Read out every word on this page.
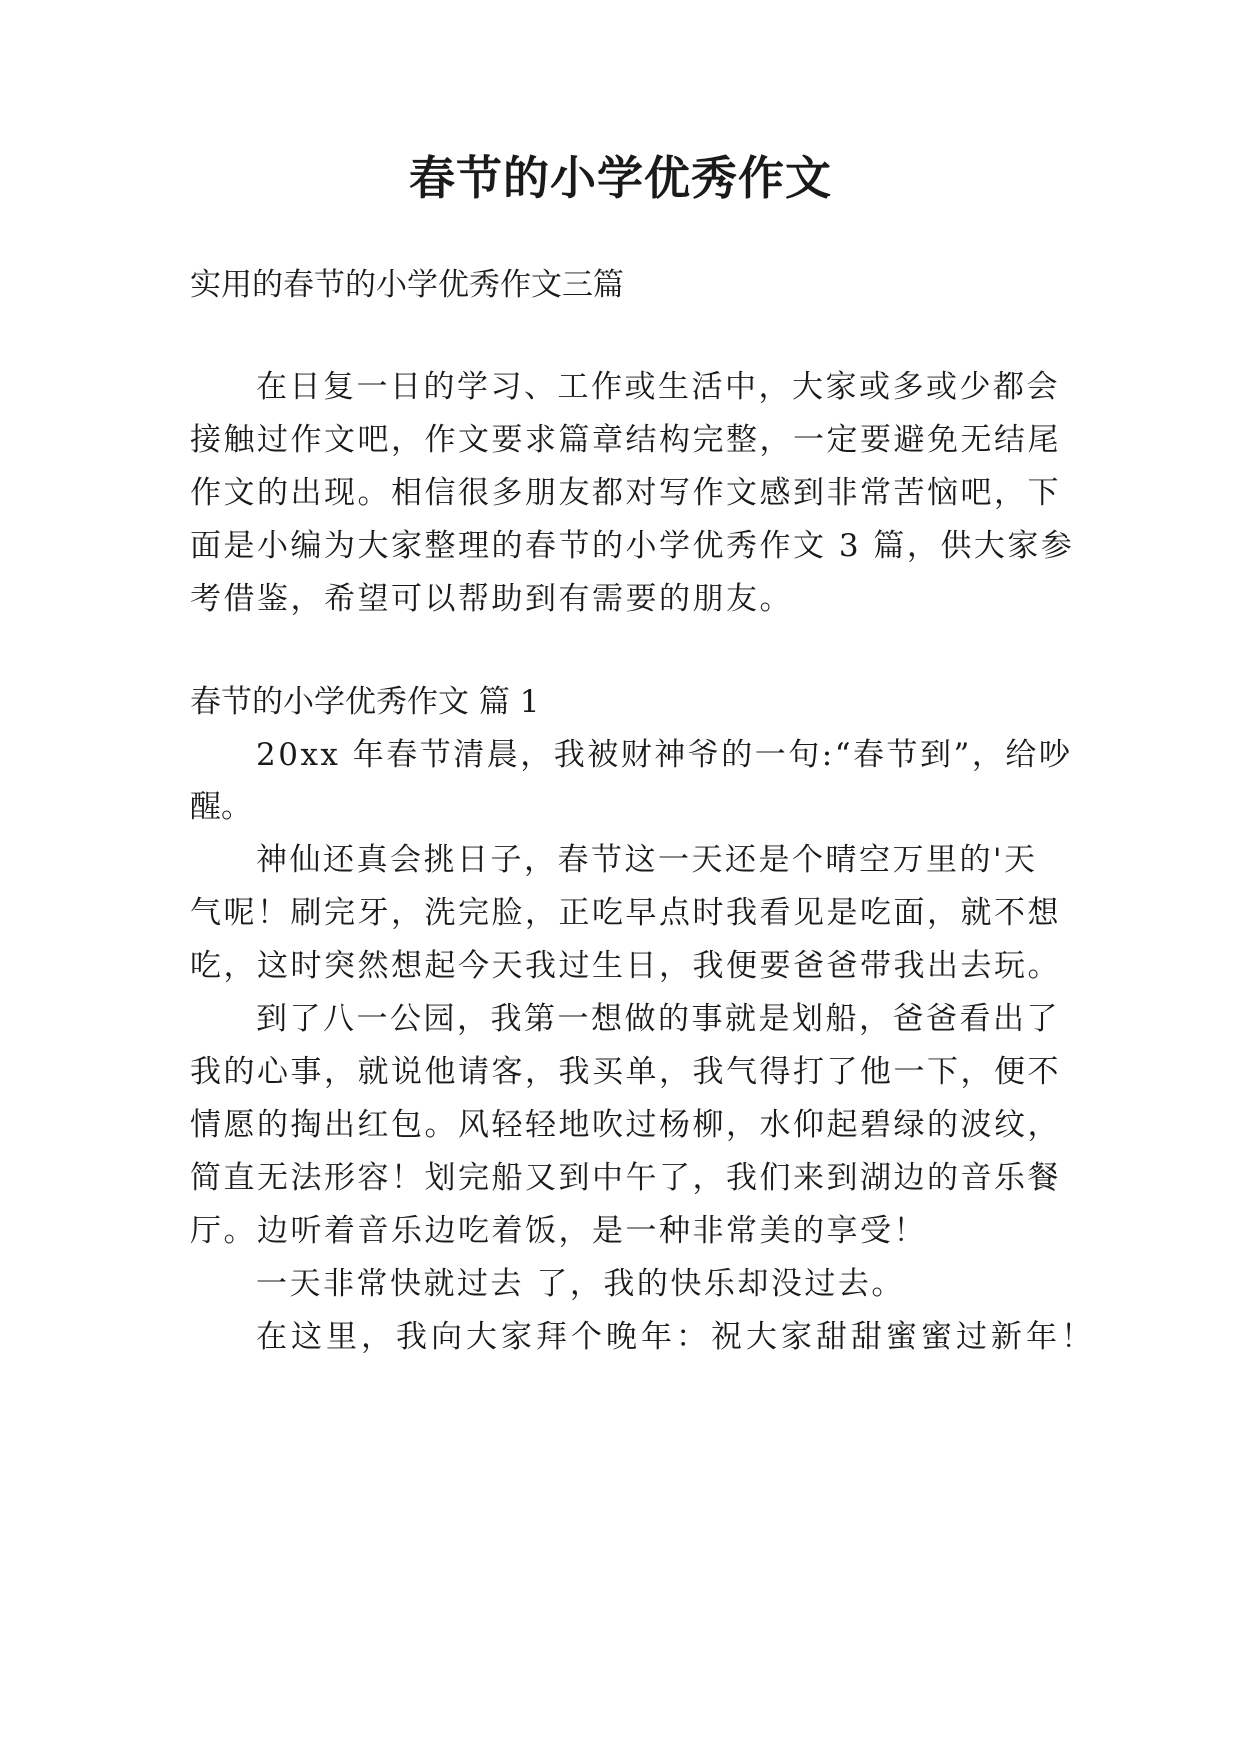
春节的小学优秀作文

实用的春节的小学优秀作文三篇

在日复一日的学习、工作或生活中，大家或多或少都会

接触过作文吧，作文要求篇章结构完整，一定要避免无结尾

作文的出现。相信很多朋友都对写作文感到非常苦恼吧，下

面是小编为大家整理的春节的小学优秀作文 3 篇，供大家参

考借鉴，希望可以帮助到有需要的朋友。

春节的小学优秀作文 篇 1

20xx 年春节清晨，我被财神爷的一句:“春节到”，给吵

醒。

神仙还真会挑日子，春节这一天还是个晴空万里的'天

气呢！刷完牙，洗完脸，正吃早点时我看见是吃面，就不想

吃，这时突然想起今天我过生日，我便要爸爸带我出去玩。

到了八一公园，我第一想做的事就是划船，爸爸看出了

我的心事，就说他请客，我买单，我气得打了他一下，便不

情愿的掏出红包。风轻轻地吹过杨柳，水仰起碧绿的波纹，

简直无法形容！划完船又到中午了，我们来到湖边的音乐餐

厅。边听着音乐边吃着饭，是一种非常美的享受！

一天非常快就过去 了，我的快乐却没过去。

在这里，我向大家拜个晚年：祝大家甜甜蜜蜜过新年！
